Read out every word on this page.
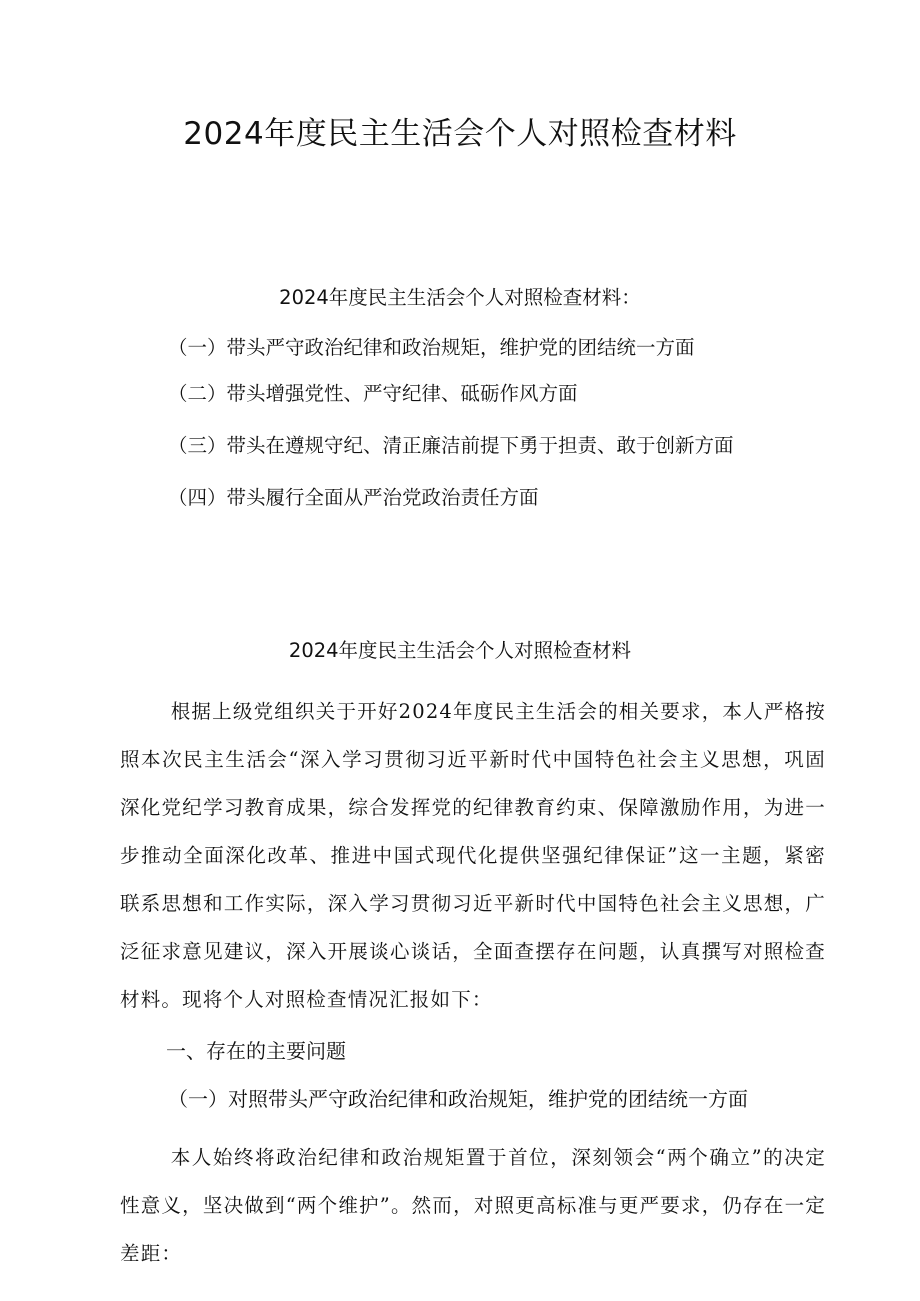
2024年度民主生活会个人对照检查材料
2024年度民主生活会个人对照检查材料：
（一）带头严守政治纪律和政治规矩，维护党的团结统一方面
（二）带头增强党性、严守纪律、砥砺作风方面
（三）带头在遵规守纪、清正廉洁前提下勇于担责、敢于创新方面
（四）带头履行全面从严治党政治责任方面
2024年度民主生活会个人对照检查材料

根据上级党组织关于开好2024年度民主生活会的相关要求，本人严格按照本次民主生活会“深入学习贯彻习近平新时代中国特色社会主义思想，巩固深化党纪学习教育成果，综合发挥党的纪律教育约束、保障激励作用，为进一步推动全面深化改革、推进中国式现代化提供坚强纪律保证”这一主题，紧密联系思想和工作实际，深入学习贯彻习近平新时代中国特色社会主义思想，广泛征求意见建议，深入开展谈心谈话，全面查摆存在问题，认真撰写对照检查材料。现将个人对照检查情况汇报如下：

一、存在的主要问题
（一）对照带头严守政治纪律和政治规矩，维护党的团结统一方面

本人始终将政治纪律和政治规矩置于首位，深刻领会“两个确立”的决定性意义，坚决做到“两个维护”。然而，对照更高标准与更严要求，仍存在一定差距：
